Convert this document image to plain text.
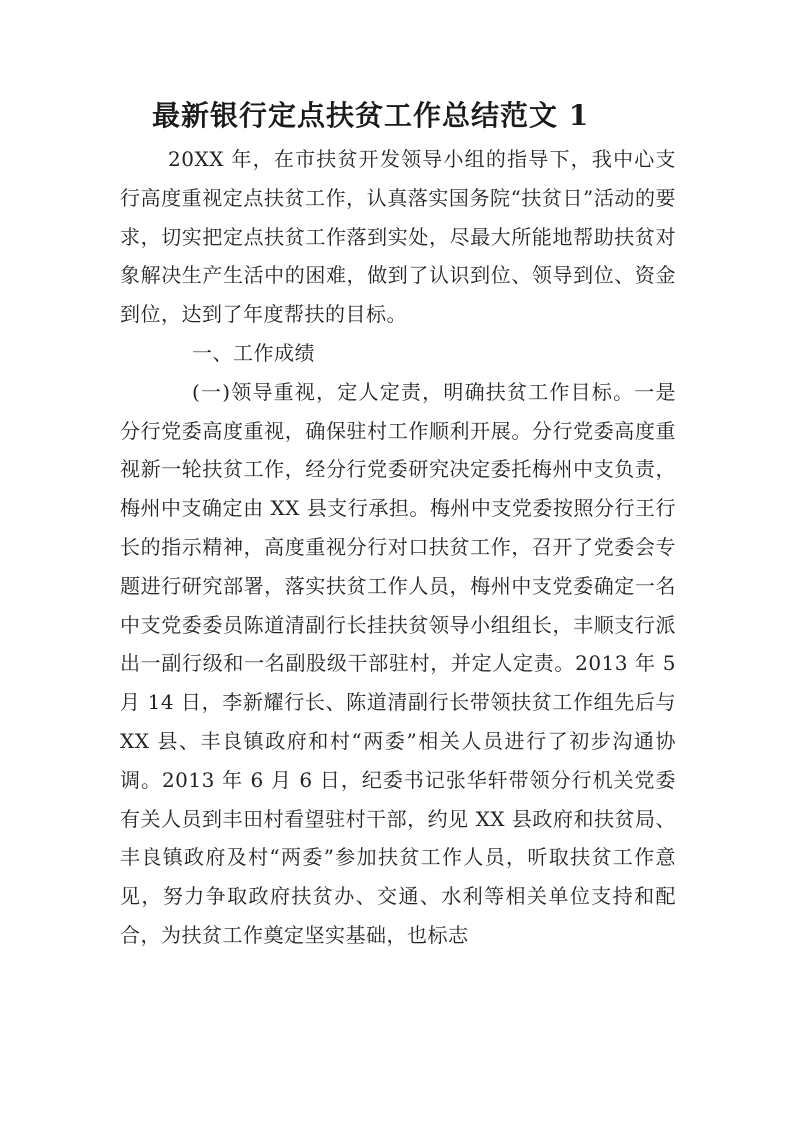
最新银行定点扶贫工作总结范文 1

20XX 年，在市扶贫开发领导小组的指导下，我中心支行高度重视定点扶贫工作，认真落实国务院“扶贫日”活动的要求，切实把定点扶贫工作落到实处，尽最大所能地帮助扶贫对象解决生产生活中的困难，做到了认识到位、领导到位、资金到位，达到了年度帮扶的目标。

一、工作成绩

(一)领导重视，定人定责，明确扶贫工作目标。一是分行党委高度重视，确保驻村工作顺利开展。分行党委高度重视新一轮扶贫工作，经分行党委研究决定委托梅州中支负责，梅州中支确定由 XX 县支行承担。梅州中支党委按照分行王行长的指示精神，高度重视分行对口扶贫工作，召开了党委会专题进行研究部署，落实扶贫工作人员，梅州中支党委确定一名中支党委委员陈道清副行长挂扶贫领导小组组长，丰顺支行派出一副行级和一名副股级干部驻村，并定人定责。2013 年 5 月 14 日，李新耀行长、陈道清副行长带领扶贫工作组先后与 XX 县、丰良镇政府和村“两委”相关人员进行了初步沟通协调。2013 年 6 月 6 日，纪委书记张华轩带领分行机关党委有关人员到丰田村看望驻村干部，约见 XX 县政府和扶贫局、丰良镇政府及村“两委”参加扶贫工作人员，听取扶贫工作意见，努力争取政府扶贫办、交通、水利等相关单位支持和配合，为扶贫工作奠定坚实基础，也标志
